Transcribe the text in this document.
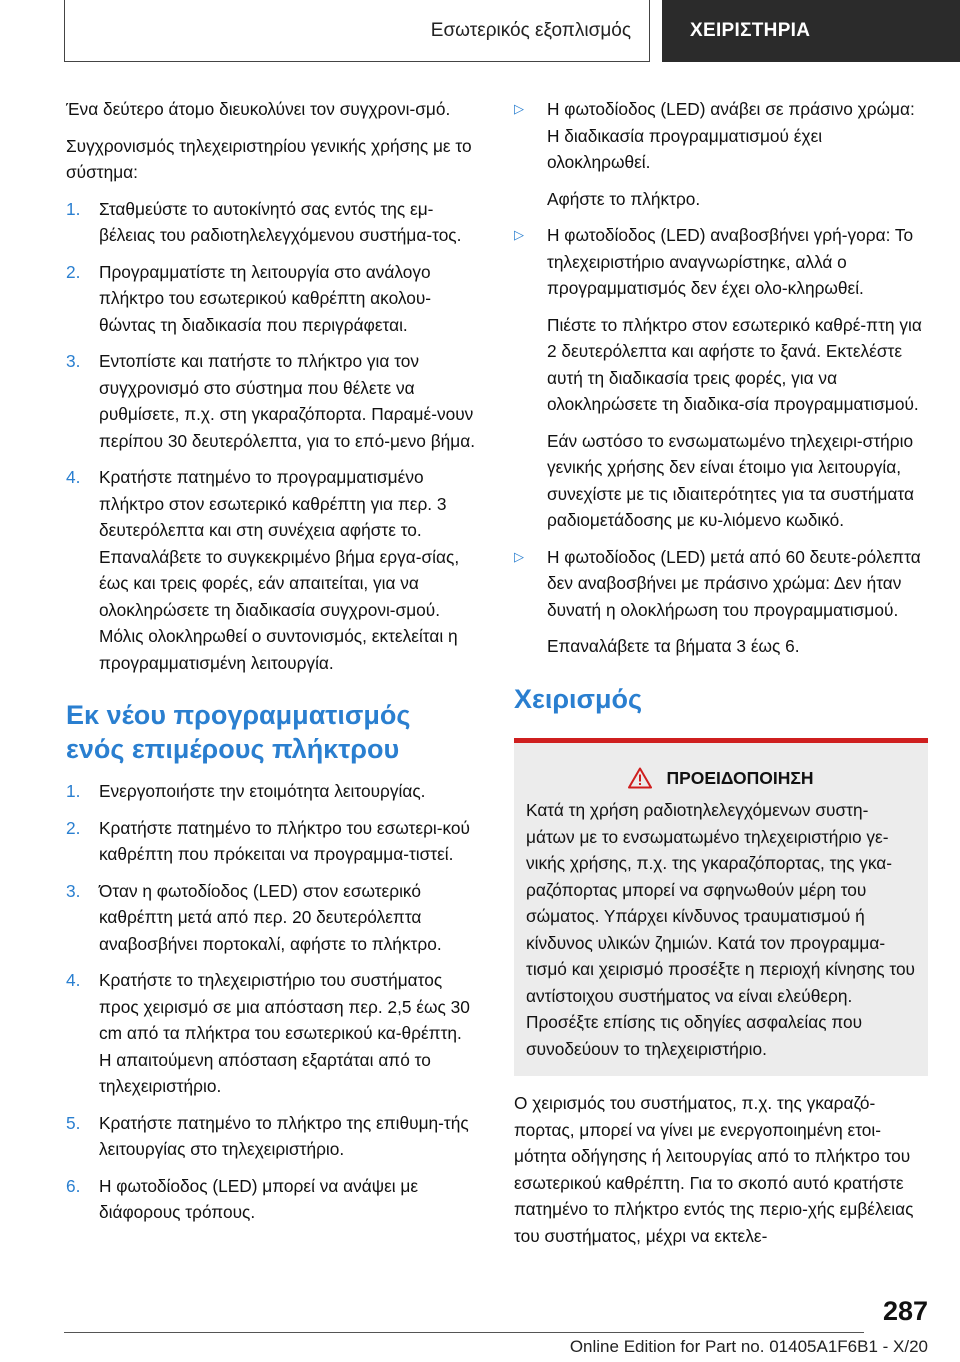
Εσωτερικός εξοπλισμός	ΧΕΙΡΙΣΤΗΡΙΑ

Ένα δεύτερο άτομο διευκολύνει τον συγχρονι-σμό.

Συγχρονισμός τηλεχειριστηρίου γενικής χρήσης με το σύστημα:

1.	Σταθμεύστε το αυτοκίνητό σας εντός της εμ-βέλειας του ραδιοτηλελεγχόμενου συστήμα-τος.
2.	Προγραμματίστε τη λειτουργία στο ανάλογο πλήκτρο του εσωτερικού καθρέπτη ακολου-θώντας τη διαδικασία που περιγράφεται.
3.	Εντοπίστε και πατήστε το πλήκτρο για τον συγχρονισμό στο σύστημα που θέλετε να ρυθμίσετε, π.χ. στη γκαραζόπορτα. Παραμέ-νουν περίπου 30 δευτερόλεπτα, για το επό-μενο βήμα.
4.	Κρατήστε πατημένο το προγραμματισμένο πλήκτρο στον εσωτερικό καθρέπτη για περ. 3 δευτερόλεπτα και στη συνέχεια αφήστε το. Επαναλάβετε το συγκεκριμένο βήμα εργα-σίας, έως και τρεις φορές, εάν απαιτείται, για να ολοκληρώσετε τη διαδικασία συγχρονι-σμού. Μόλις ολοκληρωθεί ο συντονισμός, εκτελείται η προγραμματισμένη λειτουργία.
Εκ νέου προγραμματισμός ενός επιμέρους πλήκτρου
1.	Ενεργοποιήστε την ετοιμότητα λειτουργίας.
2.	Κρατήστε πατημένο το πλήκτρο του εσωτερι-κού καθρέπτη που πρόκειται να προγραμμα-τιστεί.
3.	Όταν η φωτοδίοδος (LED) στον εσωτερικό καθρέπτη μετά από περ. 20 δευτερόλεπτα αναβοσβήνει πορτοκαλί, αφήστε το πλήκτρο.
4.	Κρατήστε το τηλεχειριστήριο του συστήματος προς χειρισμό σε μια απόσταση περ. 2,5 έως 30 cm από τα πλήκτρα του εσωτερικού κα-θρέπτη. Η απαιτούμενη απόσταση εξαρτάται από το τηλεχειριστήριο.
5.	Κρατήστε πατημένο το πλήκτρο της επιθυμη-τής λειτουργίας στο τηλεχειριστήριο.
6.	Η φωτοδίοδος (LED) μπορεί να ανάψει με διάφορους τρόπους.
▷	Η φωτοδίοδος (LED) ανάβει σε πράσινο χρώμα: Η διαδικασία προγραμματισμού έχει ολοκληρωθεί.
Αφήστε το πλήκτρο.
▷	Η φωτοδίοδος (LED) αναβοσβήνει γρή-γορα: Το τηλεχειριστήριο αναγνωρίστηκε, αλλά ο προγραμματισμός δεν έχει ολο-κληρωθεί.
Πιέστε το πλήκτρο στον εσωτερικό καθρέ-πτη για 2 δευτερόλεπτα και αφήστε το ξανά. Εκτελέστε αυτή τη διαδικασία τρεις φορές, για να ολοκληρώσετε τη διαδικα-σία προγραμματισμού.
Εάν ωστόσο το ενσωματωμένο τηλεχειρι-στήριο γενικής χρήσης δεν είναι έτοιμο για λειτουργία, συνεχίστε με τις ιδιαιτερότητες για τα συστήματα ραδιομετάδοσης με κυ-λιόμενο κωδικό.
▷	Η φωτοδίοδος (LED) μετά από 60 δευτε-ρόλεπτα δεν αναβοσβήνει με πράσινο χρώμα: Δεν ήταν δυνατή η ολοκλήρωση του προγραμματισμού.
Επαναλάβετε τα βήματα 3 έως 6.
Χειρισμός
ΠΡΟΕΙΔΟΠΟΙΗΣΗ
Κατά τη χρήση ραδιοτηλελεγχόμενων συστη-μάτων με το ενσωματωμένο τηλεχειριστήριο γε-νικής χρήσης, π.χ. της γκαραζόπορτας, της γκα-ραζόπορτας μπορεί να σφηνωθούν μέρη του σώματος. Υπάρχει κίνδυνος τραυματισμού ή κίνδυνος υλικών ζημιών. Κατά τον προγραμμα-τισμό και χειρισμό προσέξτε η περιοχή κίνησης του αντίστοιχου συστήματος να είναι ελεύθερη. Προσέξτε επίσης τις οδηγίες ασφαλείας που συνοδεύουν το τηλεχειριστήριο.

Ο χειρισμός του συστήματος, π.χ. της γκαραζό-πορτας, μπορεί να γίνει με ενεργοποιημένη ετοι-μότητα οδήγησης ή λειτουργίας από το πλήκτρο του εσωτερικού καθρέπτη. Για το σκοπό αυτό κρατήστε πατημένο το πλήκτρο εντός της περιο-χής εμβέλειας του συστήματος, μέχρι να εκτελε-

287
Online Edition for Part no. 01405A1F6B1 - X/20
